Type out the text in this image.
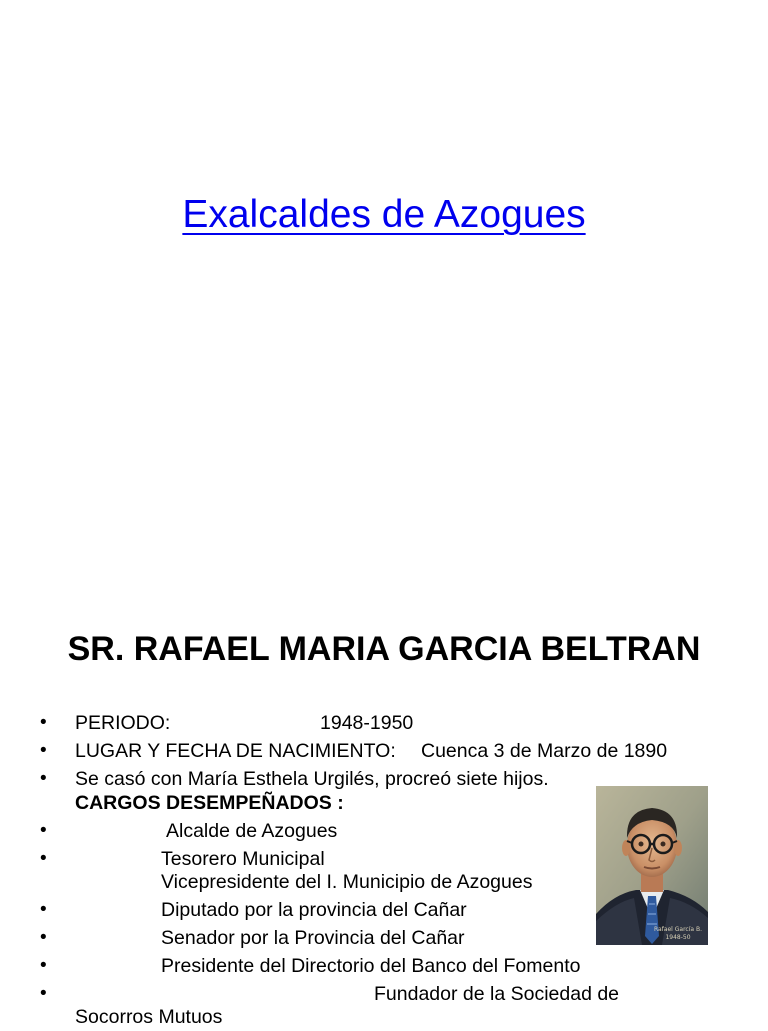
Exalcaldes de Azogues
SR. RAFAEL MARIA GARCIA BELTRAN
• PERIODO:	1948-1950
• LUGAR Y FECHA DE NACIMIENTO: Cuenca 3 de Marzo de 1890
• Se casó con María Esthela Urgilés, procreó siete hijos.
CARGOS DESEMPEÑADOS :
•	Alcalde de Azogues
•	Tesorero Municipal
Vicepresidente del I. Municipio de Azogues
•	Diputado por la provincia del Cañar
•	Senador por la Provincia del Cañar
•	Presidente del Directorio del Banco del Fomento
•	Fundador de la Sociedad de
Socorros Mutuos
Rafael García B.
1948-50
